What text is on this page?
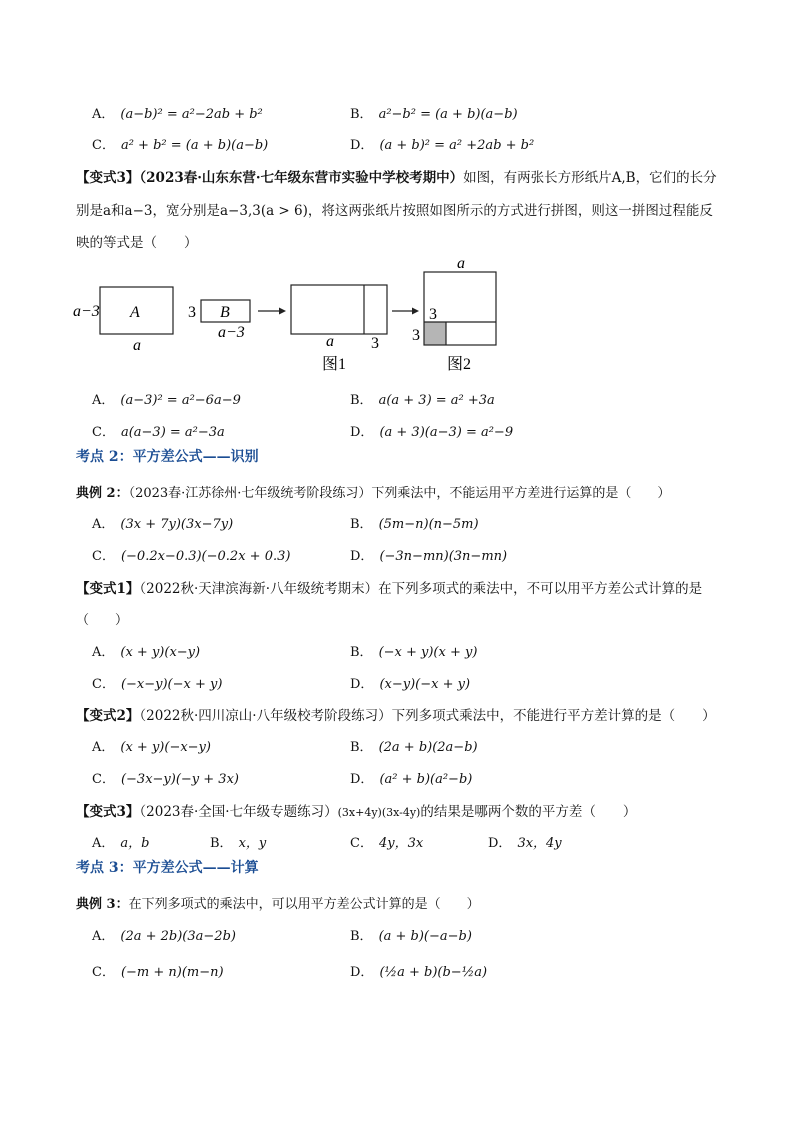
A． (a−b)² = a²−2ab + b²	B． a²−b² = (a + b)(a−b)
C． a² + b² = (a + b)(a−b)	D． (a + b)² = a² +2ab + b²
【变式3】（2023春·山东东营·七年级东营市实验中学校考期中）如图，有两张长方形纸片A,B，它们的长分
别是a和a−3，宽分别是a−3,3(a > 6)，将这两张纸片按照如图所示的方式进行拼图，则这一拼图过程能反
映的等式是（　　）
a−3 A
a
3 B
a−3
a 3
图1
a
3
3
图2
A． (a−3)² = a²−6a−9	B． a(a + 3) = a² +3a
C． a(a−3) = a²−3a	D． (a + 3)(a−3) = a²−9
考点 2：平方差公式——识别
典例 2：（2023春·江苏徐州·七年级统考阶段练习）下列乘法中，不能运用平方差进行运算的是（　　）
A． (3x + 7y)(3x−7y)	B． (5m−n)(n−5m)
C． (−0.2x−0.3)(−0.2x + 0.3)	D． (−3n−mn)(3n−mn)
【变式1】（2022秋·天津滨海新·八年级统考期末）在下列多项式的乘法中，不可以用平方差公式计算的是
（　　）
A． (x + y)(x−y)	B． (−x + y)(x + y)
C． (−x−y)(−x + y)	D． (x−y)(−x + y)
【变式2】（2022秋·四川凉山·八年级校考阶段练习）下列多项式乘法中，不能进行平方差计算的是（　　）
A． (x + y)(−x−y)	B． (2a + b)(2a−b)
C． (−3x−y)(−y + 3x)	D． (a² + b)(a²−b)
【变式3】（2023春·全国·七年级专题练习）(3x+4y)(3x-4y)的结果是哪两个数的平方差（　　）
A． a，b	B． x，y	C． 4y，3x	D． 3x，4y
考点 3：平方差公式——计算
典例 3：在下列多项式的乘法中，可以用平方差公式计算的是（　　）
A． (2a + 2b)(3a−2b)	B． (a + b)(−a−b)
C． (−m + n)(m−n)	D． (½a + b)(b−½a)
